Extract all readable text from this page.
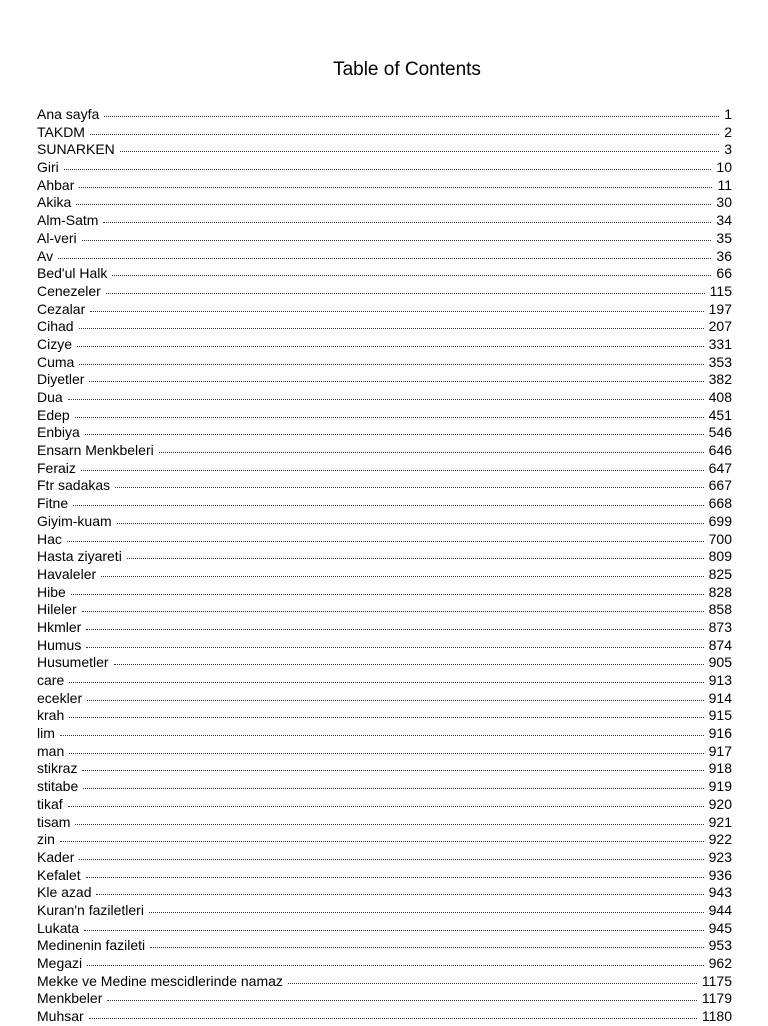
Table of Contents
Ana sayfa	1
TAKDM	2
SUNARKEN	3
Giri	10
Ahbar	11
Akika	30
Alm-Satm	34
Al-veri	35
Av	36
Bed'ul Halk	66
Cenezeler	115
Cezalar	197
Cihad	207
Cizye	331
Cuma	353
Diyetler	382
Dua	408
Edep	451
Enbiya	546
Ensarn Menkbeleri	646
Feraiz	647
Ftr sadakas	667
Fitne	668
Giyim-kuam	699
Hac	700
Hasta ziyareti	809
Havaleler	825
Hibe	828
Hileler	858
Hkmler	873
Humus	874
Husumetler	905
care	913
ecekler	914
krah	915
lim	916
man	917
stikraz	918
stitabe	919
tikaf	920
tisam	921
zin	922
Kader	923
Kefalet	936
Kle azad	943
Kuran'n faziletleri	944
Lukata	945
Medinenin fazileti	953
Megazi	962
Mekke ve Medine mescidlerinde namaz	1175
Menkbeler	1179
Muhsar	1180
